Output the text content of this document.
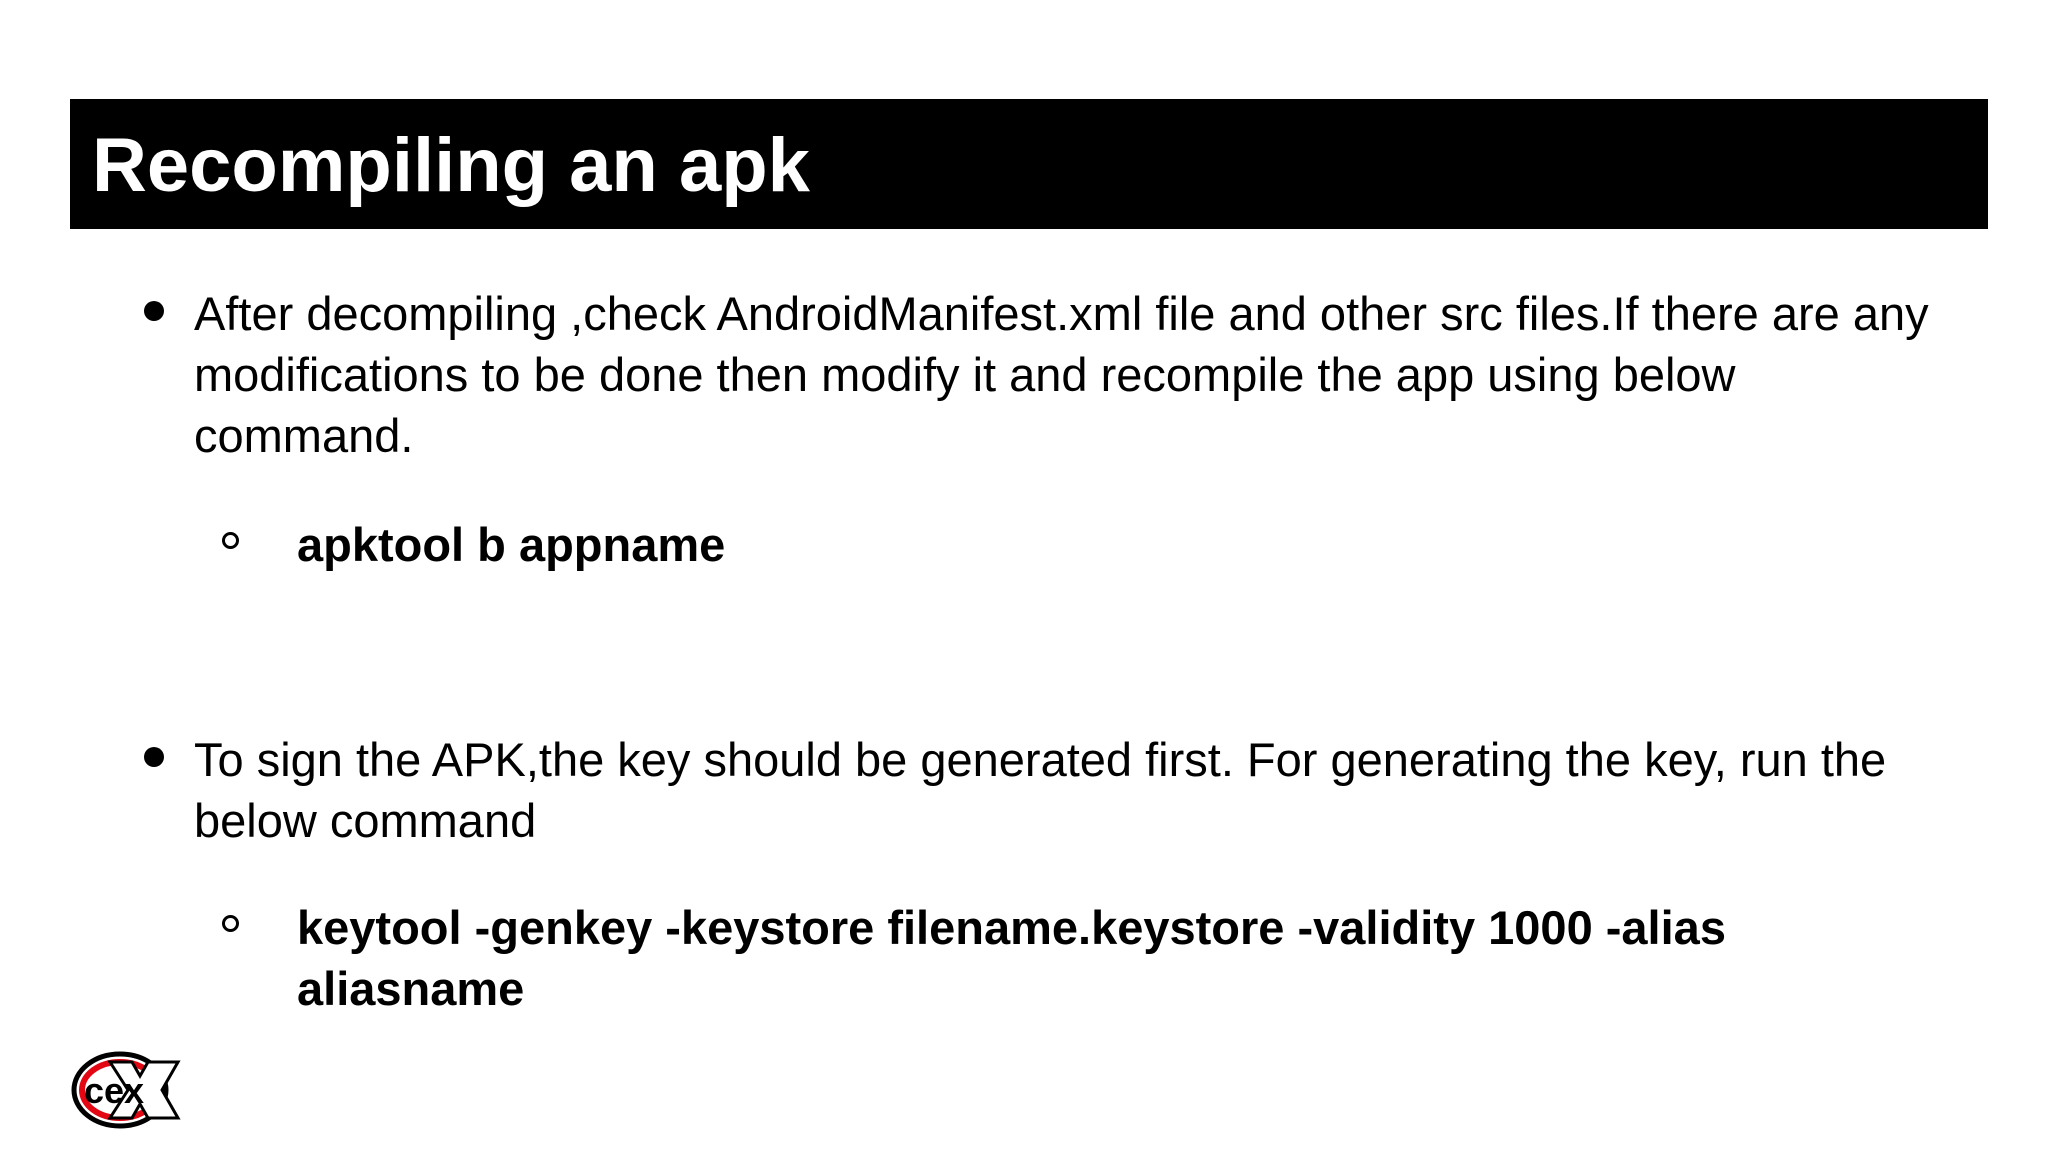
Recompiling an apk
After decompiling ,check AndroidManifest.xml file and other src files.If there are any modifications to be done then modify it and recompile the app using below command.
apktool b appname
To sign the APK,the key should be generated first. For generating the key, run the below command
keytool -genkey -keystore filename.keystore -validity 1000 -alias aliasname
cex
